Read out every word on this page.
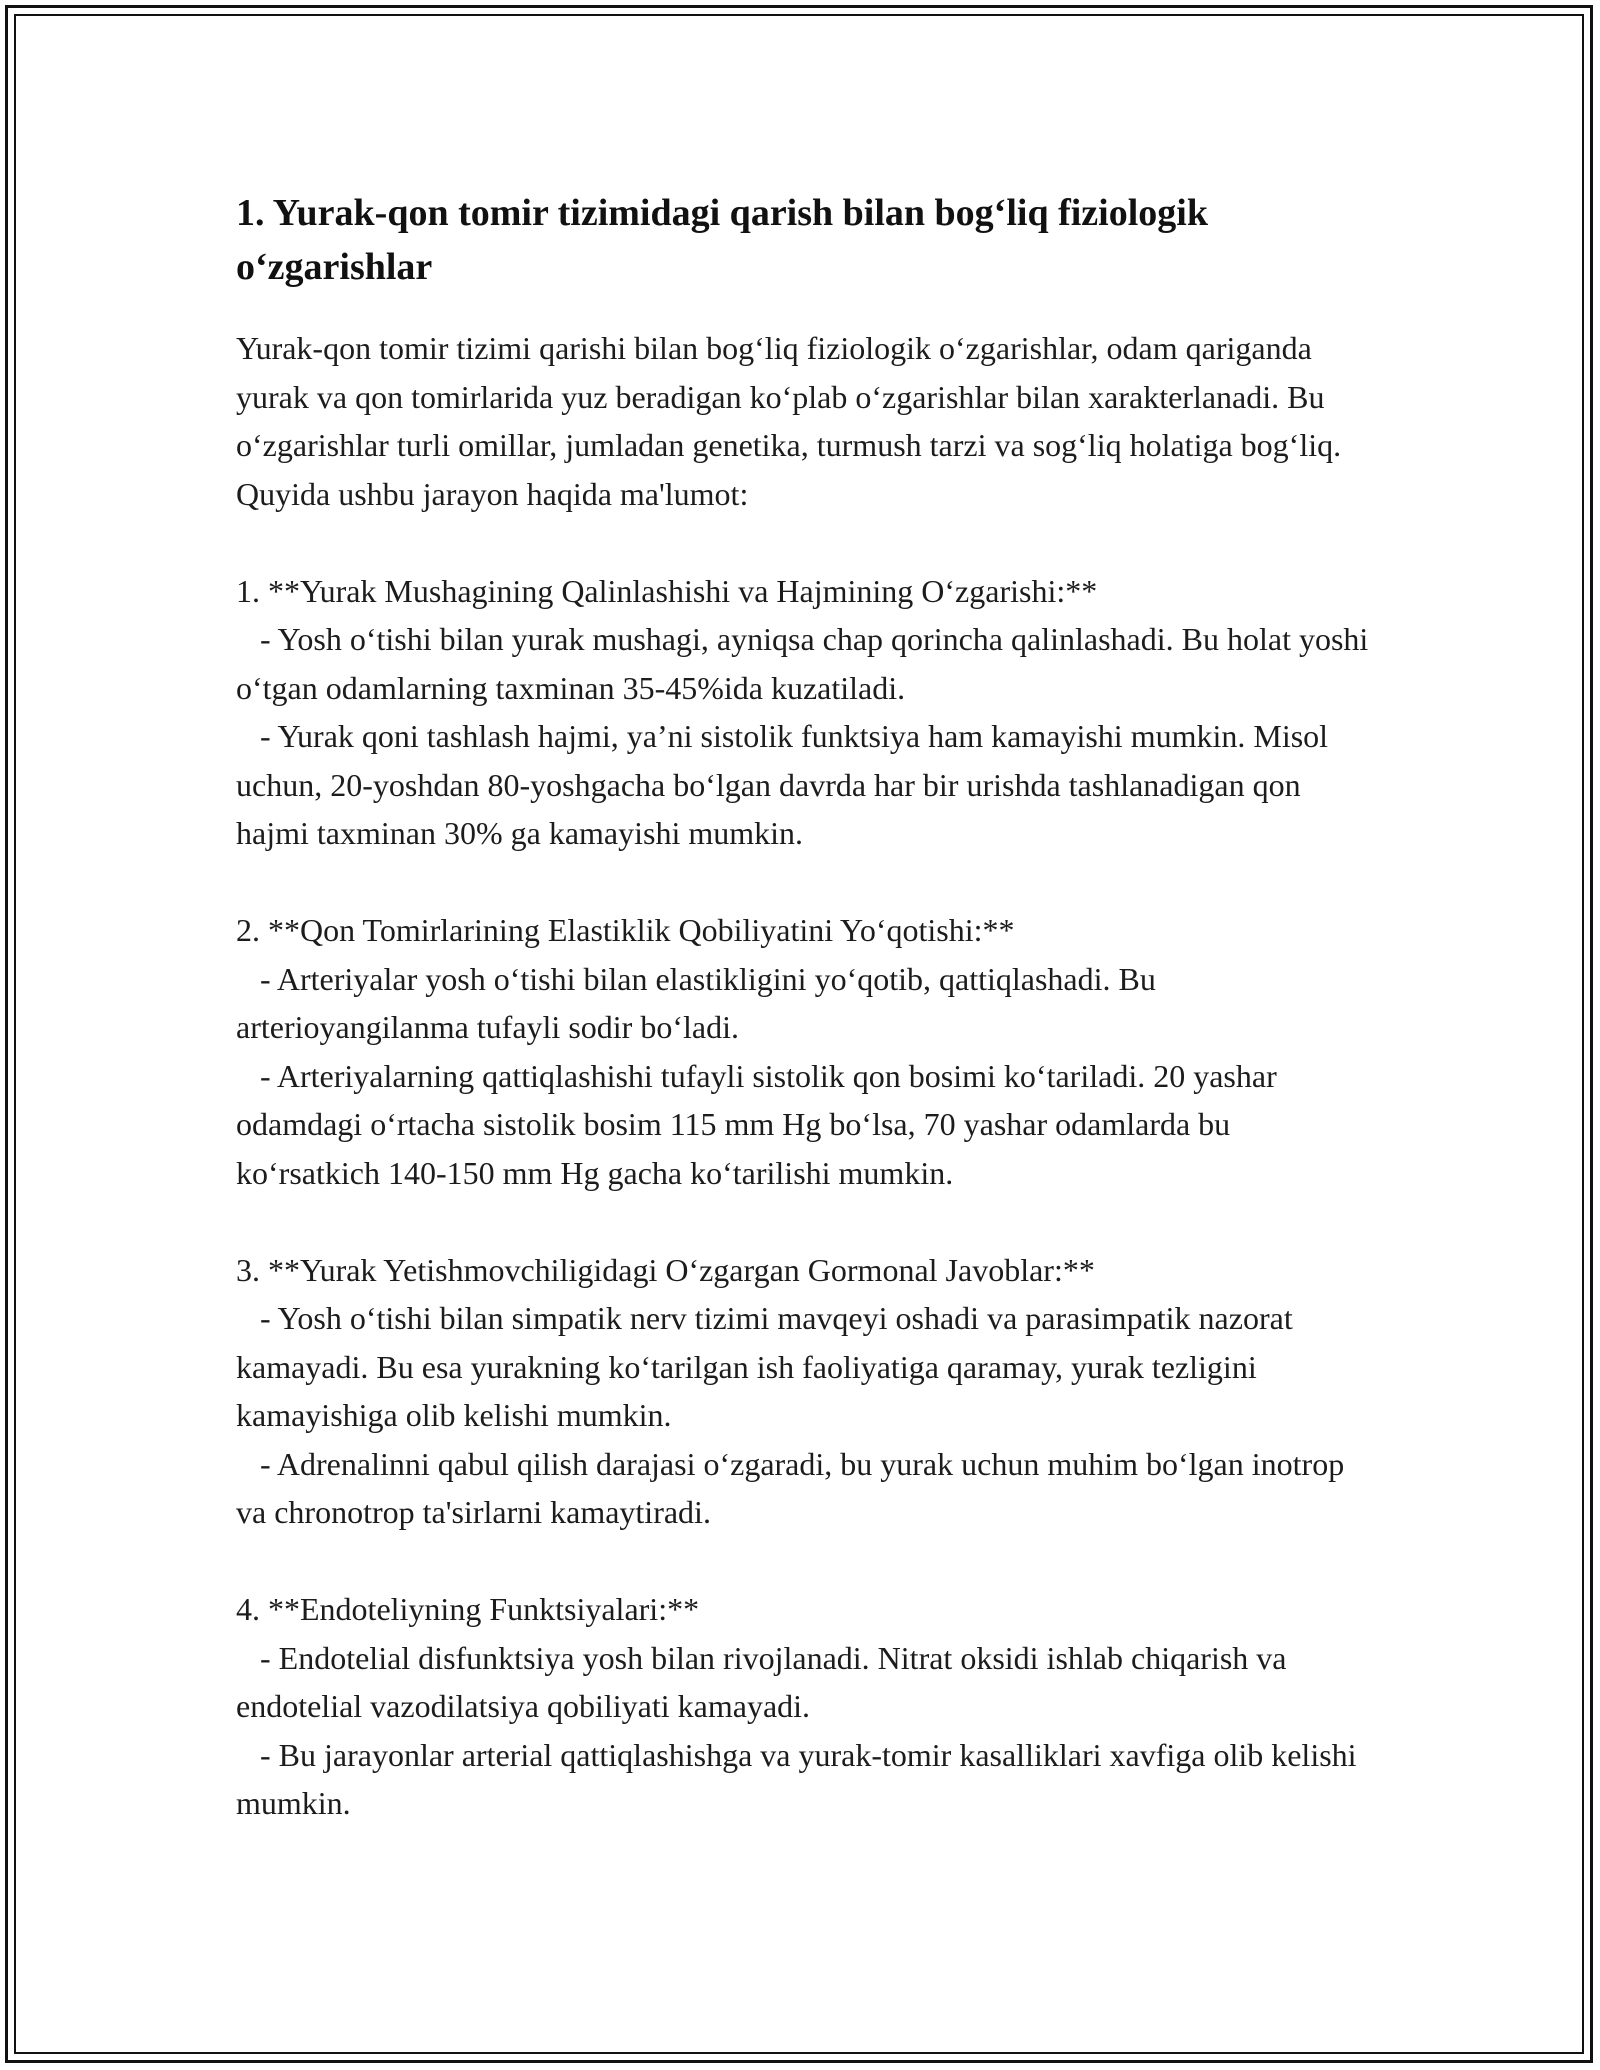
1. Yurak-qon tomir tizimidagi qarish bilan bog‘liq fiziologik o‘zgarishlar

Yurak-qon tomir tizimi qarishi bilan bog‘liq fiziologik o‘zgarishlar, odam qariganda yurak va qon tomirlarida yuz beradigan ko‘plab o‘zgarishlar bilan xarakterlanadi. Bu o‘zgarishlar turli omillar, jumladan genetika, turmush tarzi va sog‘liq holatiga bog‘liq. Quyida ushbu jarayon haqida ma'lumot:

1. **Yurak Mushagining Qalinlashishi va Hajmining O‘zgarishi:**

- Yosh o‘tishi bilan yurak mushagi, ayniqsa chap qorincha qalinlashadi. Bu holat yoshi o‘tgan odamlarning taxminan 35-45%ida kuzatiladi.

- Yurak qoni tashlash hajmi, ya’ni sistolik funktsiya ham kamayishi mumkin. Misol uchun, 20-yoshdan 80-yoshgacha bo‘lgan davrda har bir urishda tashlanadigan qon hajmi taxminan 30% ga kamayishi mumkin.

2. **Qon Tomirlarining Elastiklik Qobiliyatini Yo‘qotishi:**

- Arteriyalar yosh o‘tishi bilan elastikligini yo‘qotib, qattiqlashadi. Bu arterioyangilanma tufayli sodir bo‘ladi.

- Arteriyalarning qattiqlashishi tufayli sistolik qon bosimi ko‘tariladi. 20 yashar odamdagi o‘rtacha sistolik bosim 115 mm Hg bo‘lsa, 70 yashar odamlarda bu ko‘rsatkich 140-150 mm Hg gacha ko‘tarilishi mumkin.

3. **Yurak Yetishmovchiligidagi O‘zgargan Gormonal Javoblar:**

- Yosh o‘tishi bilan simpatik nerv tizimi mavqeyi oshadi va parasimpatik nazorat kamayadi. Bu esa yurakning ko‘tarilgan ish faoliyatiga qaramay, yurak tezligini kamayishiga olib kelishi mumkin.

- Adrenalinni qabul qilish darajasi o‘zgaradi, bu yurak uchun muhim bo‘lgan inotrop va chronotrop ta'sirlarni kamaytiradi.

4. **Endoteliyning Funktsiyalari:**

- Endotelial disfunktsiya yosh bilan rivojlanadi. Nitrat oksidi ishlab chiqarish va endotelial vazodilatsiya qobiliyati kamayadi.

- Bu jarayonlar arterial qattiqlashishga va yurak-tomir kasalliklari xavfiga olib kelishi mumkin.
